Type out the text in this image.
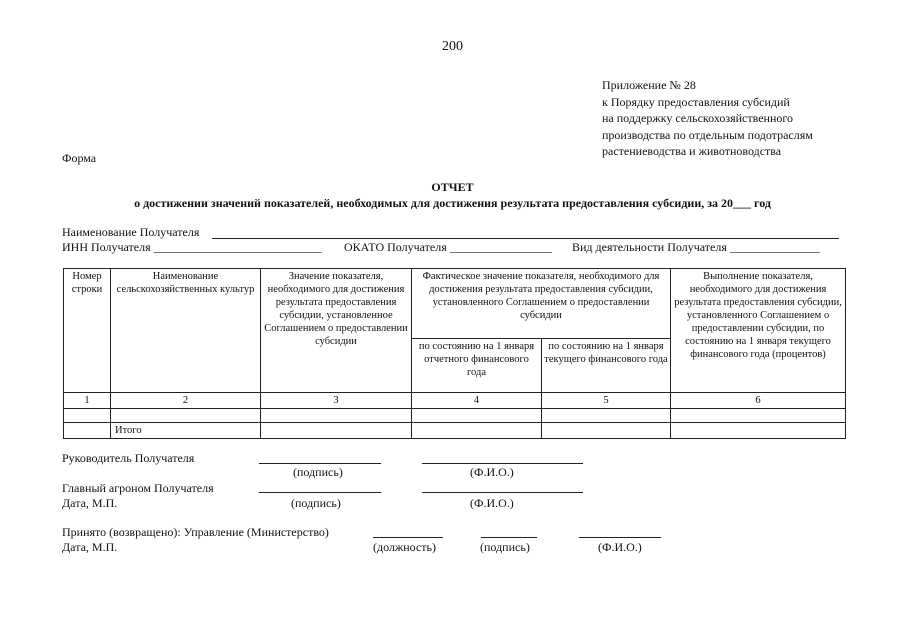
200
Приложение № 28
к Порядку предоставления субсидий
на поддержку сельскохозяйственного
производства по отдельным подотраслям
растениеводства и животноводства
Форма
ОТЧЕТ
о достижении значений показателей, необходимых для достижения результата предоставления субсидии, за 20___ год
Наименование Получателя
ИНН Получателя ____________________________ ОКАТО Получателя _________________ Вид деятельности Получателя _______________
Номер строки	Наименование сельскохозяйственных культур	Значение показателя, необходимого для достижения результата предоставления субсидии, установленное Соглашением о предоставлении субсидии	Фактическое значение показателя, необходимого для достижения результата предоставления субсидии, установленного Соглашением о предоставлении субсидии		Выполнение показателя, необходимого для достижения результата предоставления субсидии, установленного Соглашением о предоставлении субсидии, по состоянию на 1 января текущего финансового года (процентов)
			по состоянию на 1 января отчетного финансового года	по состоянию на 1 января текущего финансового года	
1	2	3	4	5	6

	Итого				
Руководитель Получателя
(подпись)	(Ф.И.О.)
Главный агроном Получателя
Дата, М.П.	(подпись)	(Ф.И.О.)
Принято (возвращено): Управление (Министерство)
Дата, М.П.	(должность)	(подпись)	(Ф.И.О.)
